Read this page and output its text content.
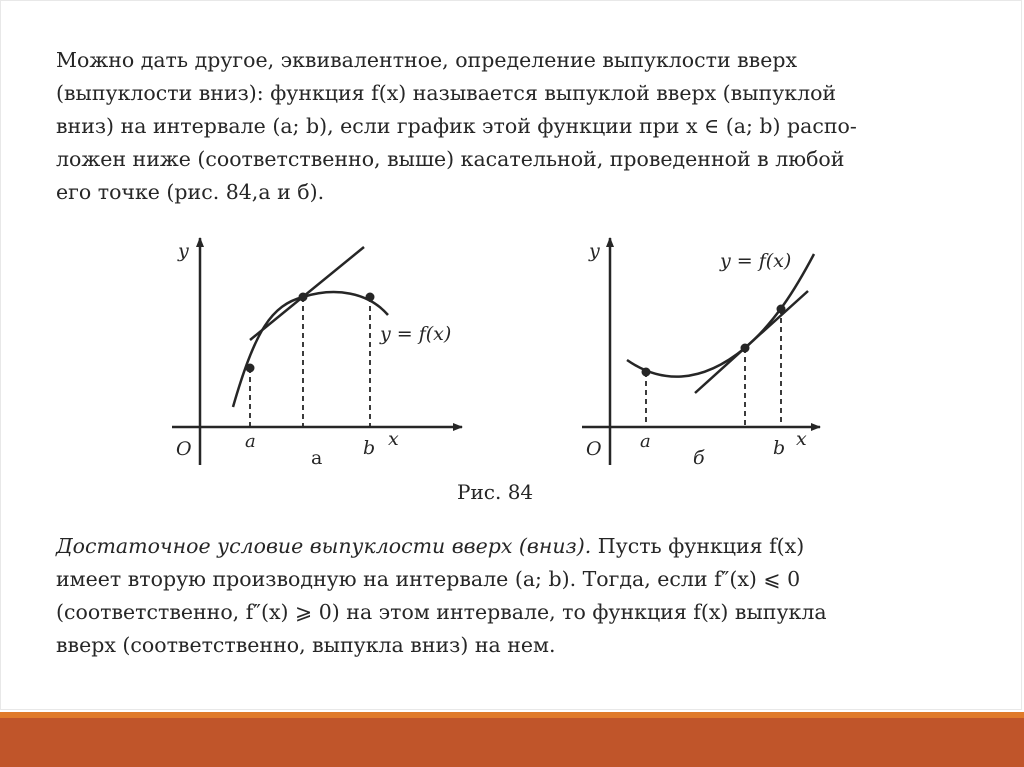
Можно дать другое, эквивалентное, определение выпуклости вверх
(выпуклости вниз): функция f(x) называется выпуклой вверх (выпуклой
вниз) на интервале (a; b), если график этой функции при x ∈ (a; b) распо-
ложен ниже (соответственно, выше) касательной, проведенной в любой
его точке (рис. 84,а и б).
y
O	a	b x
а
y = f(x)
y
O a	b x
б
y = f(x)
Рис. 84
Достаточное условие выпуклости вверх (вниз). Пусть функция f(x)
имеет вторую производную на интервале (a; b). Тогда, если f″(x) ⩽ 0
(соответственно, f″(x) ⩾ 0) на этом интервале, то функция f(x) выпукла
вверх (соответственно, выпукла вниз) на нем.
